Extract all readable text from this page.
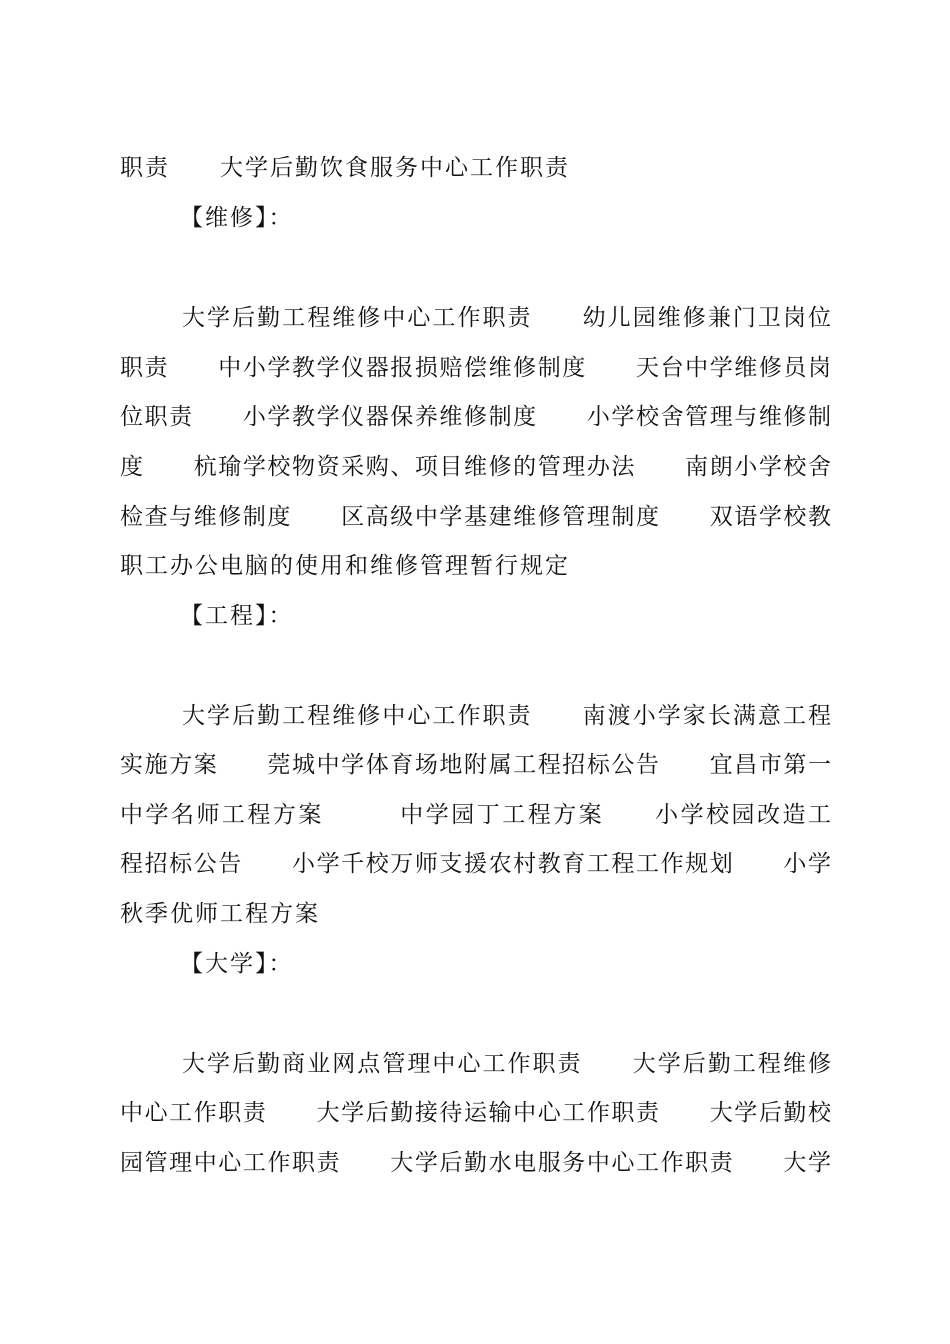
职责　　大学后勤饮食服务中心工作职责
【维修】：
大学后勤工程维修中心工作职责　　幼儿园维修兼门卫岗位
职责　　中小学教学仪器报损赔偿维修制度　　天台中学维修员岗
位职责　　小学教学仪器保养维修制度　　小学校舍管理与维修制
度　　杭瑜学校物资采购、项目维修的管理办法　　南朗小学校舍
检查与维修制度　　区高级中学基建维修管理制度　　双语学校教
职工办公电脑的使用和维修管理暂行规定
【工程】：
大学后勤工程维修中心工作职责　　南渡小学家长满意工程
实施方案　　莞城中学体育场地附属工程招标公告　　宜昌市第一
中学名师工程方案　　　中学园丁工程方案　　小学校园改造工
程招标公告　　小学千校万师支援农村教育工程工作规划　　小学
秋季优师工程方案
【大学】：
大学后勤商业网点管理中心工作职责　　大学后勤工程维修
中心工作职责　　大学后勤接待运输中心工作职责　　大学后勤校
园管理中心工作职责　　大学后勤水电服务中心工作职责　　大学
